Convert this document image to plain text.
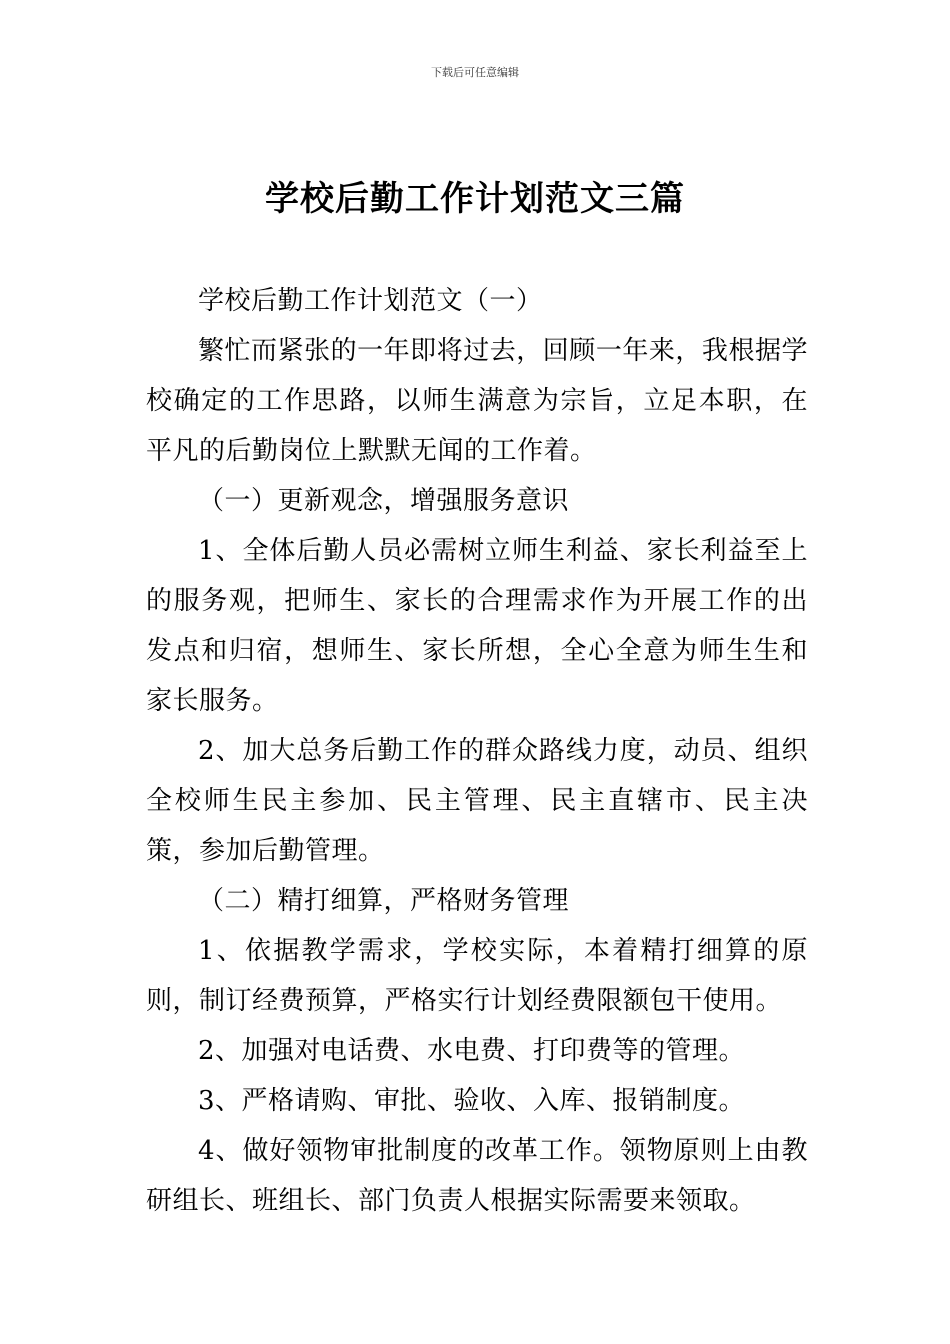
下载后可任意编辑
学校后勤工作计划范文三篇

学校后勤工作计划范文（一）

繁忙而紧张的一年即将过去，回顾一年来，我根据学校确定的工作思路，以师生满意为宗旨，立足本职，在平凡的后勤岗位上默默无闻的工作着。

（一）更新观念，增强服务意识

1、全体后勤人员必需树立师生利益、家长利益至上的服务观，把师生、家长的合理需求作为开展工作的出发点和归宿，想师生、家长所想，全心全意为师生生和家长服务。

2、加大总务后勤工作的群众路线力度，动员、组织全校师生民主参加、民主管理、民主直辖市、民主决策，参加后勤管理。

（二）精打细算，严格财务管理

1、依据教学需求，学校实际，本着精打细算的原则，制订经费预算，严格实行计划经费限额包干使用。

2、加强对电话费、水电费、打印费等的管理。

3、严格请购、审批、验收、入库、报销制度。

4、做好领物审批制度的改革工作。领物原则上由教研组长、班组长、部门负责人根据实际需要来领取。
